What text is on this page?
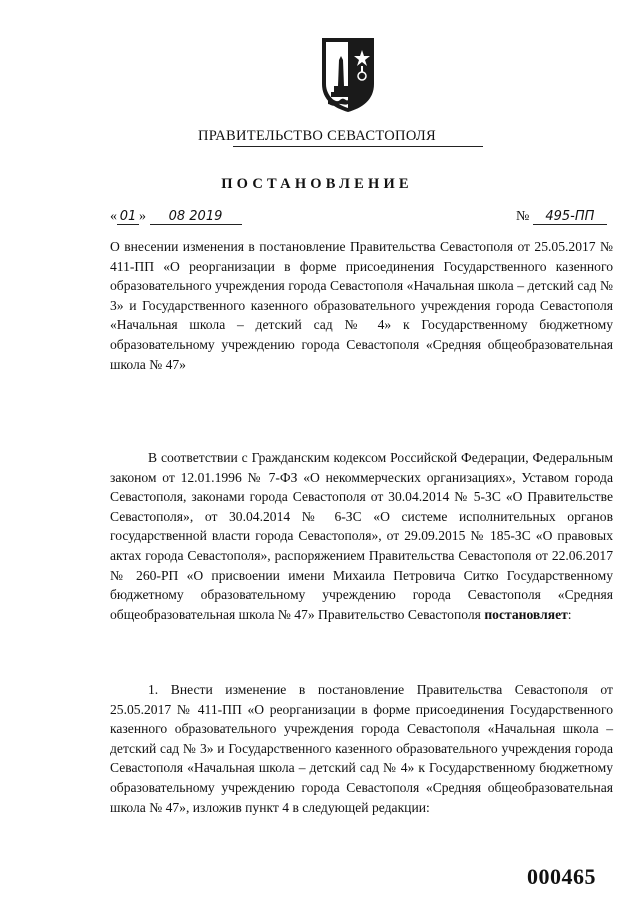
ПРАВИТЕЛЬСТВО СЕВАСТОПОЛЯ
ПОСТАНОВЛЕНИЕ
« 01 » 08 2019	№ 495-ПП

О внесении изменения в постановление Правительства Севастополя от 25.05.2017 № 411-ПП «О реорганизации в форме присоединения Государственного казенного образовательного учреждения города Севастополя «Начальная школа – детский сад № 3» и Государственного казенного образовательного учреждения города Севастополя «Начальная школа – детский сад № 4» к Государственному бюджетному образовательному учреждению города Севастополя «Средняя общеобразовательная школа № 47»

В соответствии с Гражданским кодексом Российской Федерации, Федеральным законом от 12.01.1996 № 7-ФЗ «О некоммерческих организациях», Уставом города Севастополя, законами города Севастополя от 30.04.2014 № 5-ЗС «О Правительстве Севастополя», от 30.04.2014 № 6-ЗС «О системе исполнительных органов государственной власти города Севастополя», от 29.09.2015 № 185-ЗС «О правовых актах города Севастополя», распоряжением Правительства Севастополя от 22.06.2017 № 260-РП «О присвоении имени Михаила Петровича Ситко Государственному бюджетному образовательному учреждению города Севастополя «Средняя общеобразовательная школа № 47» Правительство Севастополя постановляет:

1. Внести изменение в постановление Правительства Севастополя от 25.05.2017 № 411-ПП «О реорганизации в форме присоединения Государственного казенного образовательного учреждения города Севастополя «Начальная школа – детский сад № 3» и Государственного казенного образовательного учреждения города Севастополя «Начальная школа – детский сад № 4» к Государственному бюджетному образовательному учреждению города Севастополя «Средняя общеобразовательная школа № 47», изложив пункт 4 в следующей редакции:

000465
